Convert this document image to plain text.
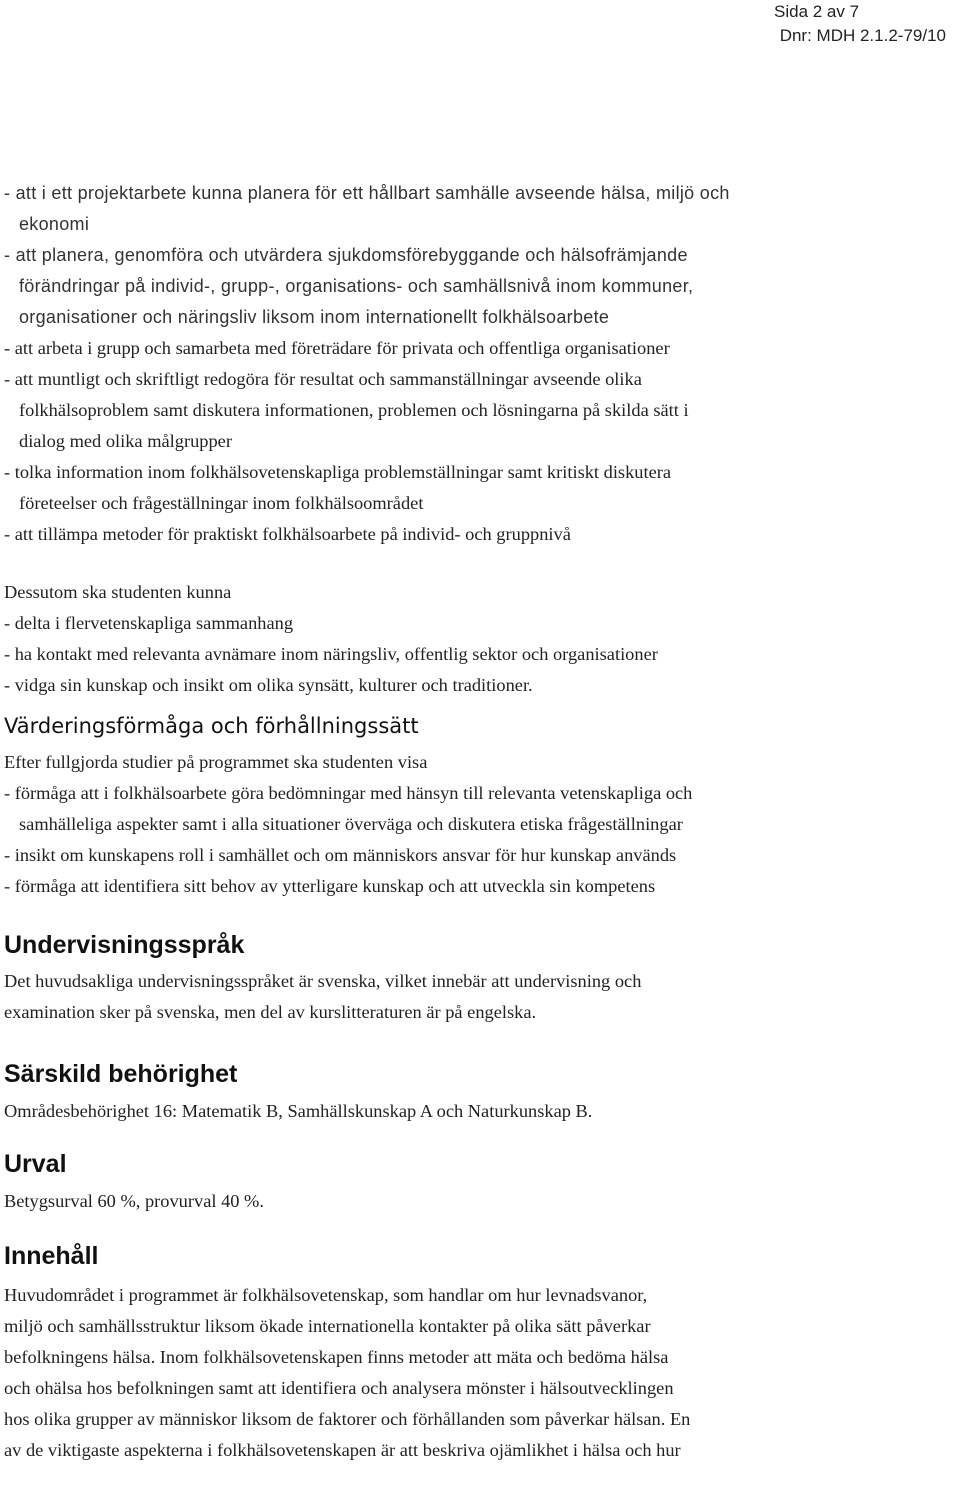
Sida 2 av 7
Dnr: MDH 2.1.2-79/10
- att i ett projektarbete kunna planera för ett hållbart samhälle avseende hälsa, miljö och
ekonomi
- att planera, genomföra och utvärdera sjukdomsförebyggande och hälsofrämjande
förändringar på individ-, grupp-, organisations- och samhällsnivå inom kommuner,
organisationer och näringsliv liksom inom internationellt folkhälsoarbete
- att arbeta i grupp och samarbeta med företrädare för privata och offentliga organisationer
- att muntligt och skriftligt redogöra för resultat och sammanställningar avseende olika
folkhälsoproblem samt diskutera informationen, problemen och lösningarna på skilda sätt i
dialog med olika målgrupper
- tolka information inom folkhälsovetenskapliga problemställningar samt kritiskt diskutera
företeelser och frågeställningar inom folkhälsoområdet
- att tillämpa metoder för praktiskt folkhälsoarbete på individ- och gruppnivå
Dessutom ska studenten kunna
- delta i flervetenskapliga sammanhang
- ha kontakt med relevanta avnämare inom näringsliv, offentlig sektor och organisationer
- vidga sin kunskap och insikt om olika synsätt, kulturer och traditioner.
Värderingsförmåga och förhållningssätt
Efter fullgjorda studier på programmet ska studenten visa
- förmåga att i folkhälsoarbete göra bedömningar med hänsyn till relevanta vetenskapliga och
samhälleliga aspekter samt i alla situationer överväga och diskutera etiska frågeställningar
- insikt om kunskapens roll i samhället och om människors ansvar för hur kunskap används
- förmåga att identifiera sitt behov av ytterligare kunskap och att utveckla sin kompetens
Undervisningsspråk
Det huvudsakliga undervisningsspråket är svenska, vilket innebär att undervisning och
examination sker på svenska, men del av kurslitteraturen är på engelska.
Särskild behörighet
Områdesbehörighet 16: Matematik B, Samhällskunskap A och Naturkunskap B.
Urval
Betygsurval 60 %, provurval 40 %.
Innehåll
Huvudområdet i programmet är folkhälsovetenskap, som handlar om hur levnadsvanor,
miljö och samhällsstruktur liksom ökade internationella kontakter på olika sätt påverkar
befolkningens hälsa. Inom folkhälsovetenskapen finns metoder att mäta och bedöma hälsa
och ohälsa hos befolkningen samt att identifiera och analysera mönster i hälsoutvecklingen
hos olika grupper av människor liksom de faktorer och förhållanden som påverkar hälsan. En
av de viktigaste aspekterna i folkhälsovetenskapen är att beskriva ojämlikhet i hälsa och hur
